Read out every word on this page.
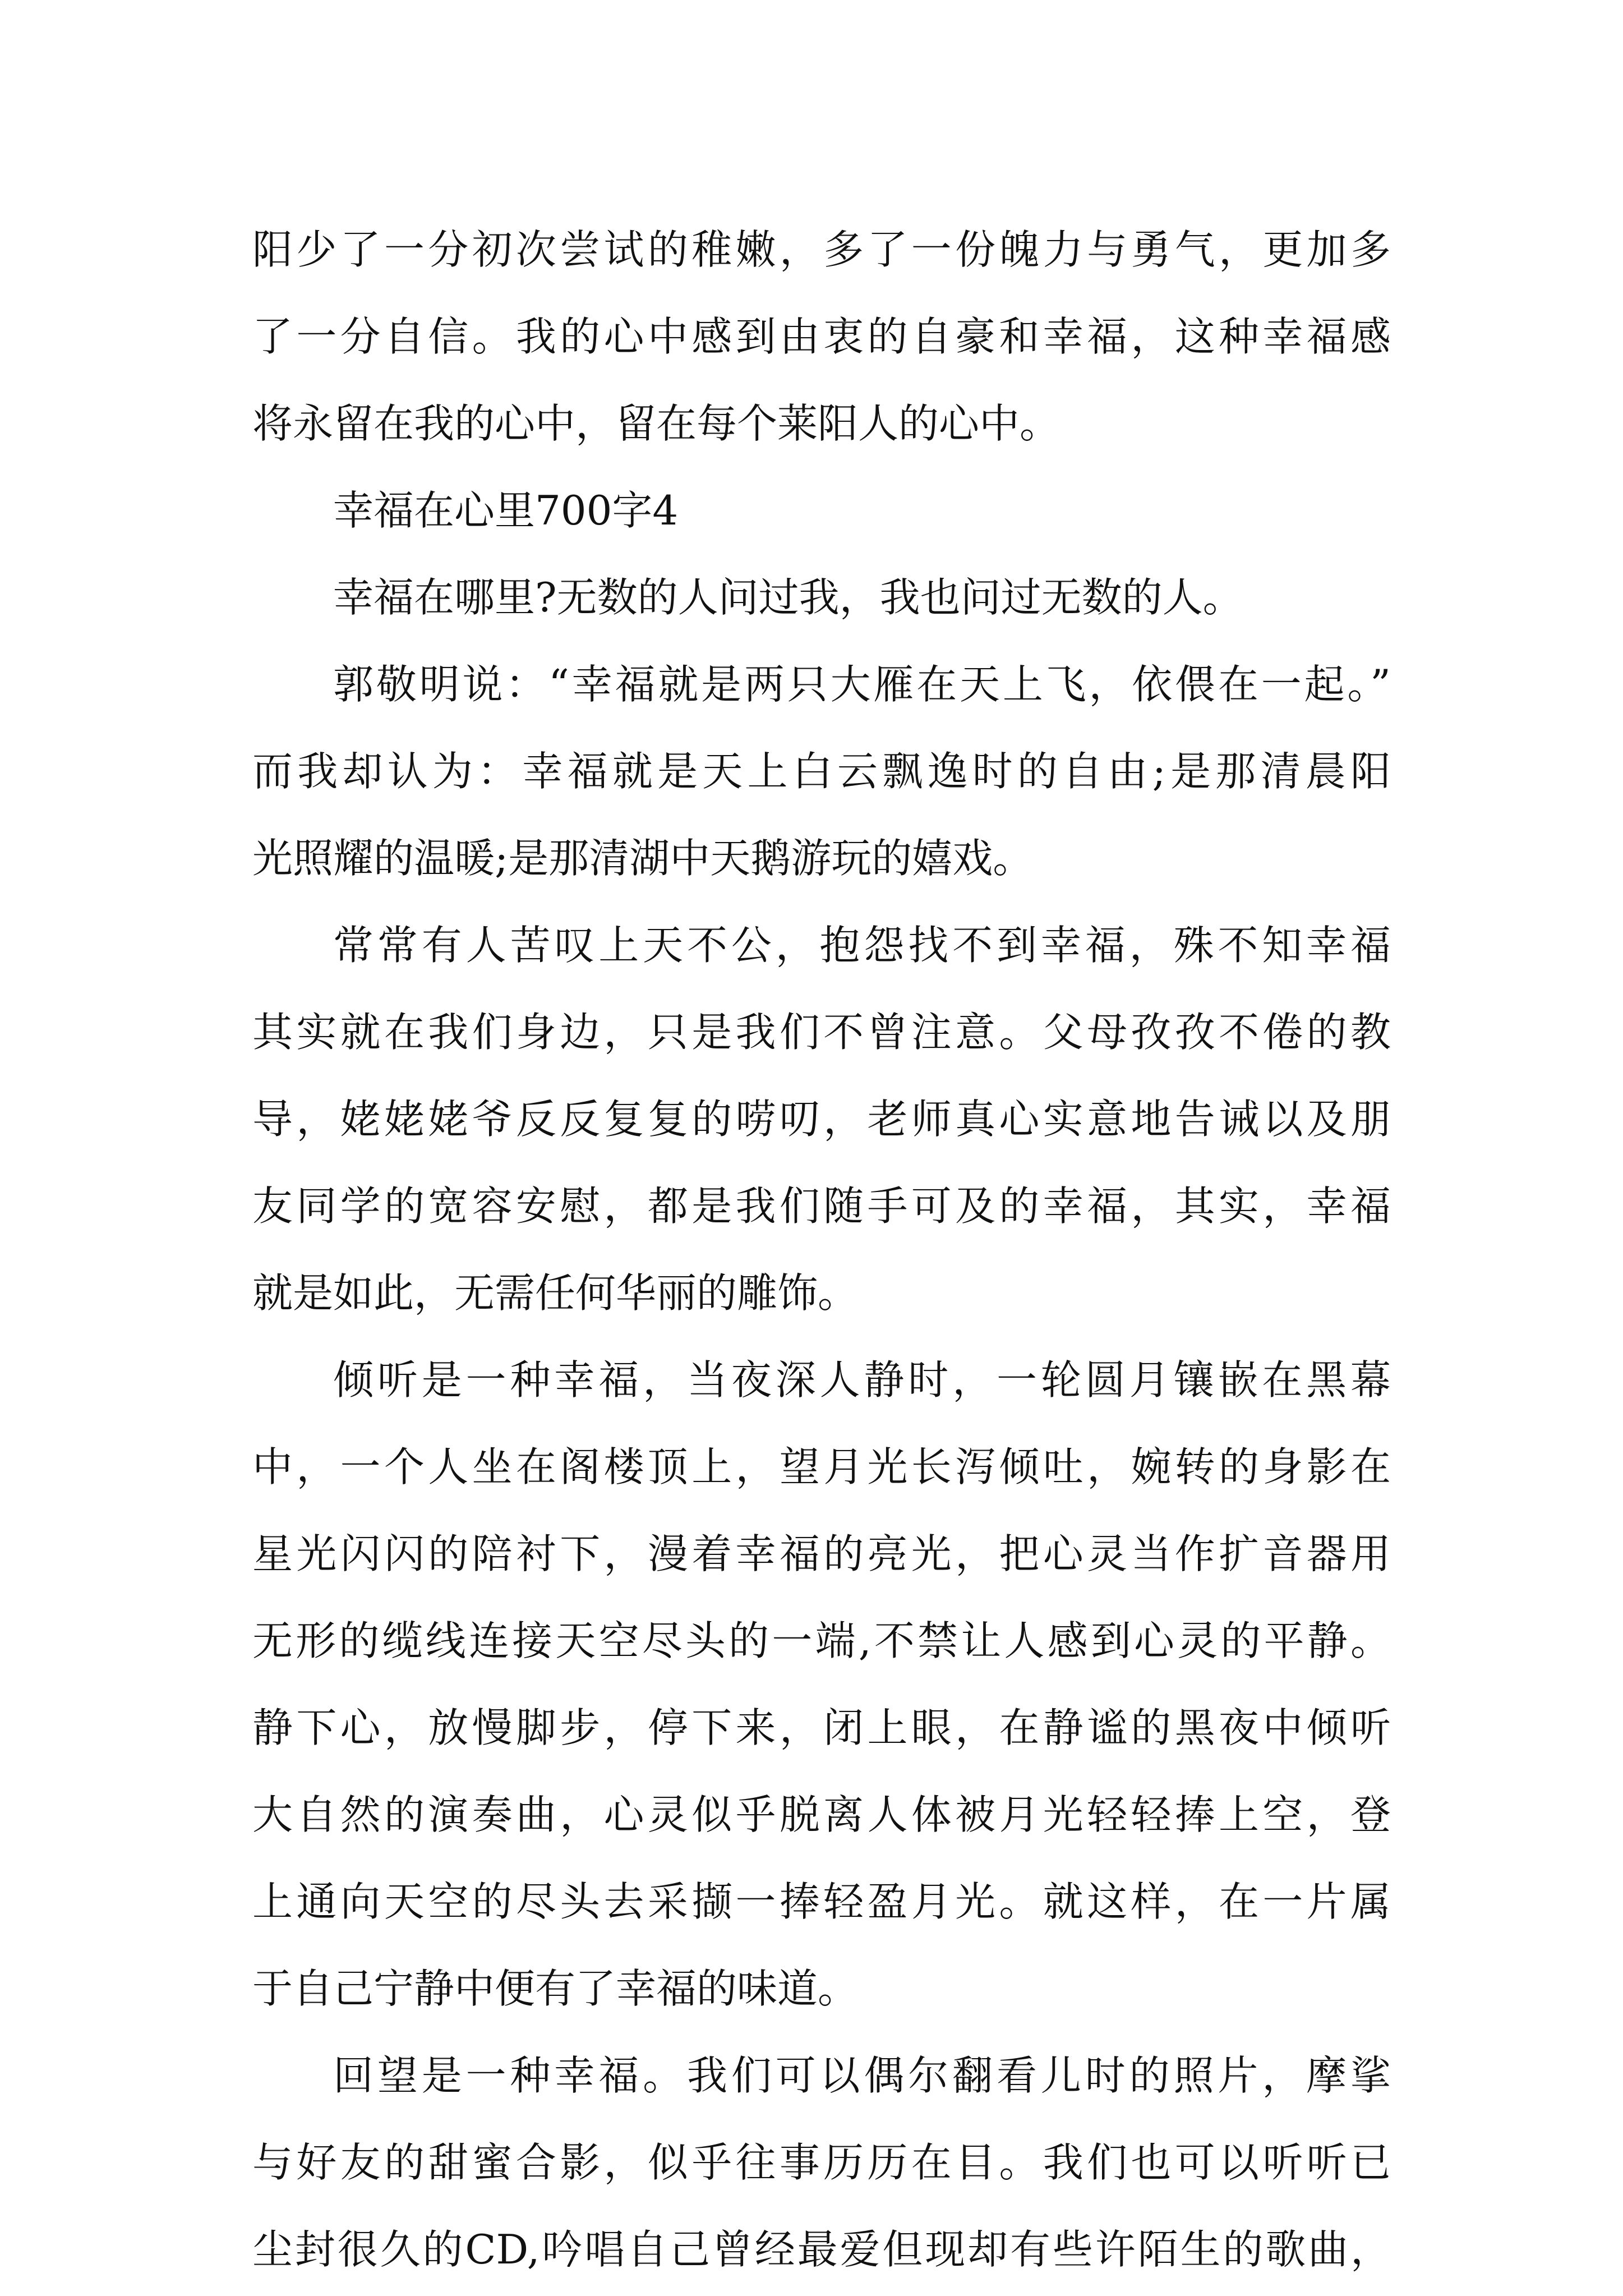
阳少了一分初次尝试的稚嫩，多了一份魄力与勇气，更加多
了一分自信。我的心中感到由衷的自豪和幸福，这种幸福感
将永留在我的心中，留在每个莱阳人的心中。
幸福在心里700字4
幸福在哪里?无数的人问过我，我也问过无数的人。
郭敬明说：“幸福就是两只大雁在天上飞，依偎在一起。”
而我却认为：幸福就是天上白云飘逸时的自由;是那清晨阳
光照耀的温暖;是那清湖中天鹅游玩的嬉戏。
常常有人苦叹上天不公，抱怨找不到幸福，殊不知幸福
其实就在我们身边，只是我们不曾注意。父母孜孜不倦的教
导，姥姥姥爷反反复复的唠叨，老师真心实意地告诫以及朋
友同学的宽容安慰，都是我们随手可及的幸福，其实，幸福
就是如此，无需任何华丽的雕饰。
倾听是一种幸福，当夜深人静时，一轮圆月镶嵌在黑幕
中，一个人坐在阁楼顶上，望月光长泻倾吐，婉转的身影在
星光闪闪的陪衬下，漫着幸福的亮光，把心灵当作扩音器用
无形的缆线连接天空尽头的一端,不禁让人感到心灵的平静。
静下心，放慢脚步，停下来，闭上眼，在静谧的黑夜中倾听
大自然的演奏曲，心灵似乎脱离人体被月光轻轻捧上空，登
上通向天空的尽头去采撷一捧轻盈月光。就这样，在一片属
于自己宁静中便有了幸福的味道。
回望是一种幸福。我们可以偶尔翻看儿时的照片，摩挲
与好友的甜蜜合影，似乎往事历历在目。我们也可以听听已
尘封很久的CD,吟唱自己曾经最爱但现却有些许陌生的歌曲，
